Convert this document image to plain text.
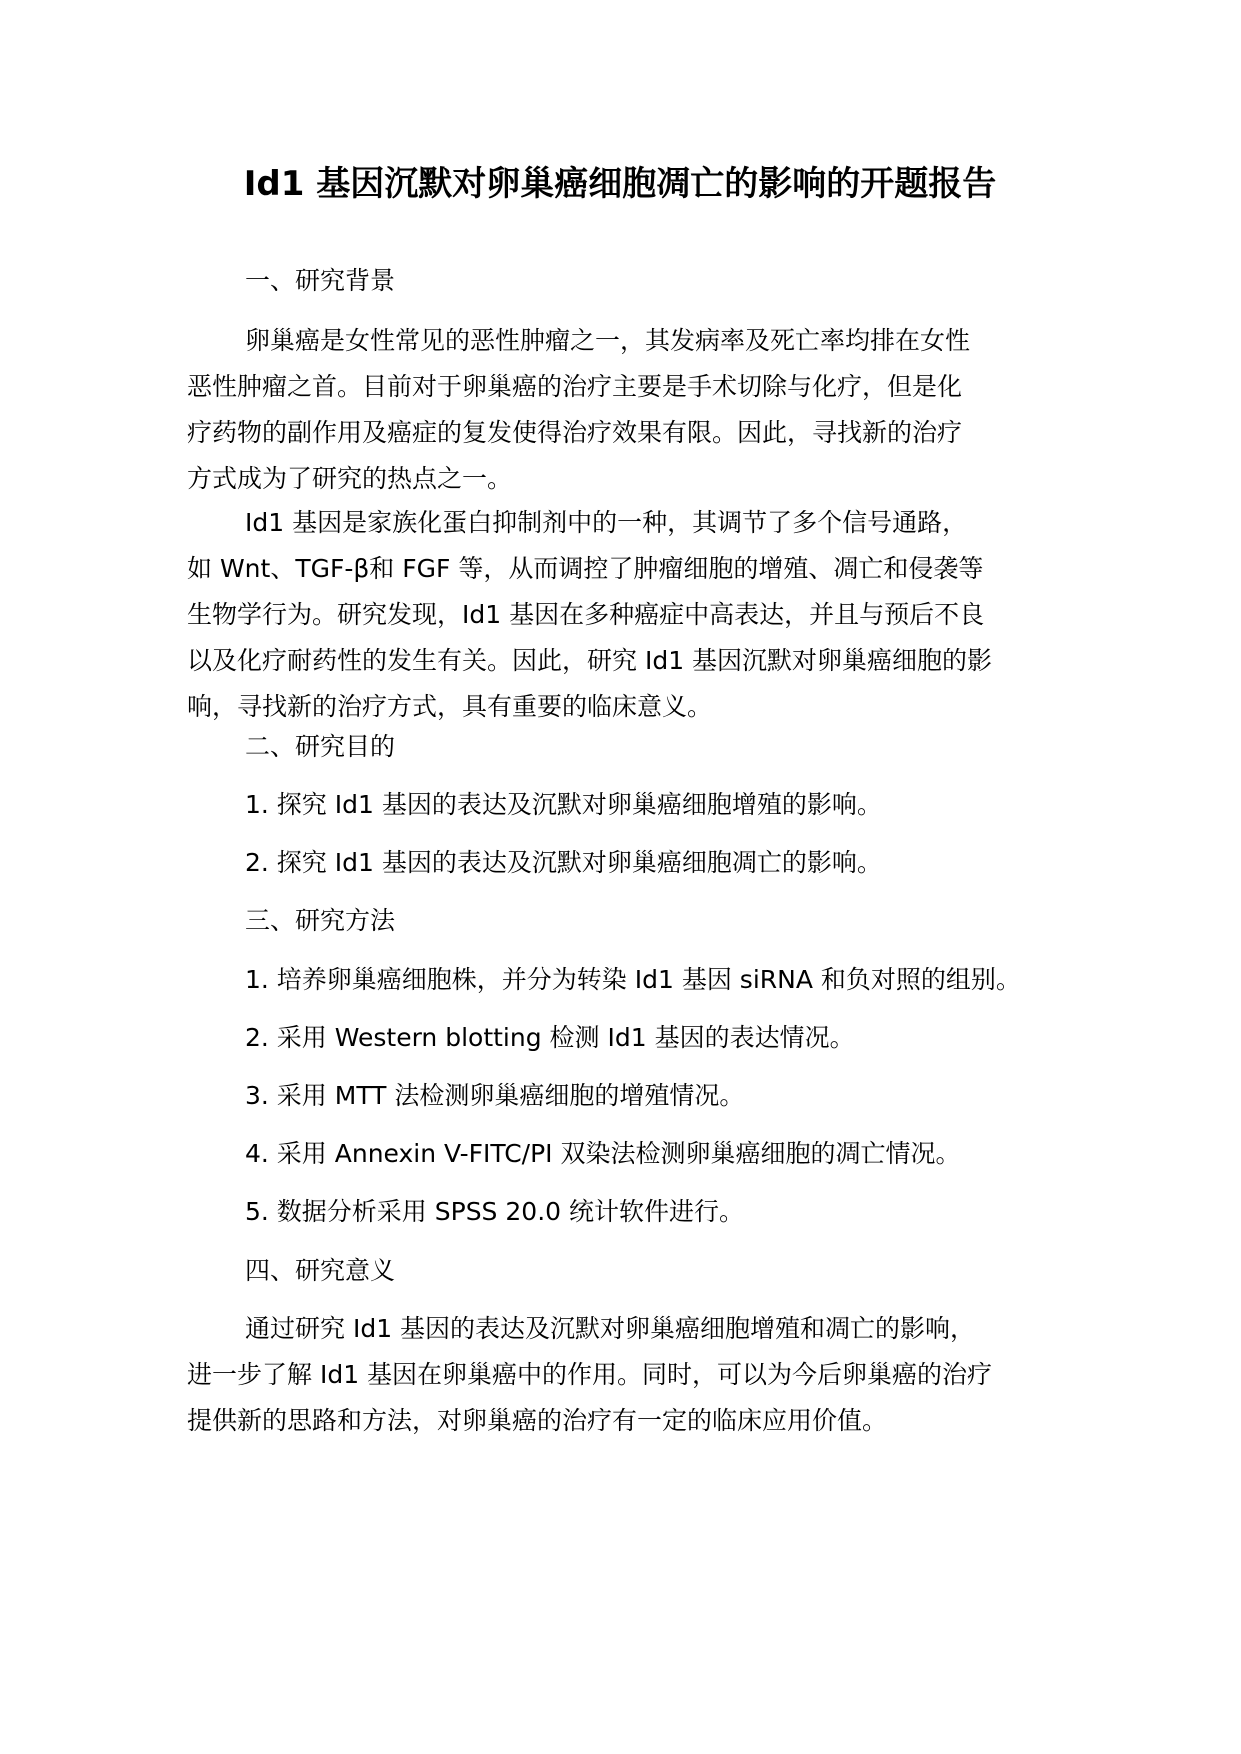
Id1 基因沉默对卵巢癌细胞凋亡的影响的开题报告
一、研究背景

卵巢癌是女性常见的恶性肿瘤之一，其发病率及死亡率均排在女性
恶性肿瘤之首。目前对于卵巢癌的治疗主要是手术切除与化疗，但是化
疗药物的副作用及癌症的复发使得治疗效果有限。因此，寻找新的治疗
方式成为了研究的热点之一。

Id1 基因是家族化蛋白抑制剂中的一种，其调节了多个信号通路，
如 Wnt、TGF-β和 FGF 等，从而调控了肿瘤细胞的增殖、凋亡和侵袭等
生物学行为。研究发现，Id1 基因在多种癌症中高表达，并且与预后不良
以及化疗耐药性的发生有关。因此，研究 Id1 基因沉默对卵巢癌细胞的影
响，寻找新的治疗方式，具有重要的临床意义。

二、研究目的
1. 探究 Id1 基因的表达及沉默对卵巢癌细胞增殖的影响。
2. 探究 Id1 基因的表达及沉默对卵巢癌细胞凋亡的影响。
三、研究方法
1. 培养卵巢癌细胞株，并分为转染 Id1 基因 siRNA 和负对照的组别。
2. 采用 Western blotting 检测 Id1 基因的表达情况。
3. 采用 MTT 法检测卵巢癌细胞的增殖情况。
4. 采用 Annexin V-FITC/PI 双染法检测卵巢癌细胞的凋亡情况。
5. 数据分析采用 SPSS 20.0 统计软件进行。
四、研究意义

通过研究 Id1 基因的表达及沉默对卵巢癌细胞增殖和凋亡的影响，
进一步了解 Id1 基因在卵巢癌中的作用。同时，可以为今后卵巢癌的治疗
提供新的思路和方法，对卵巢癌的治疗有一定的临床应用价值。
